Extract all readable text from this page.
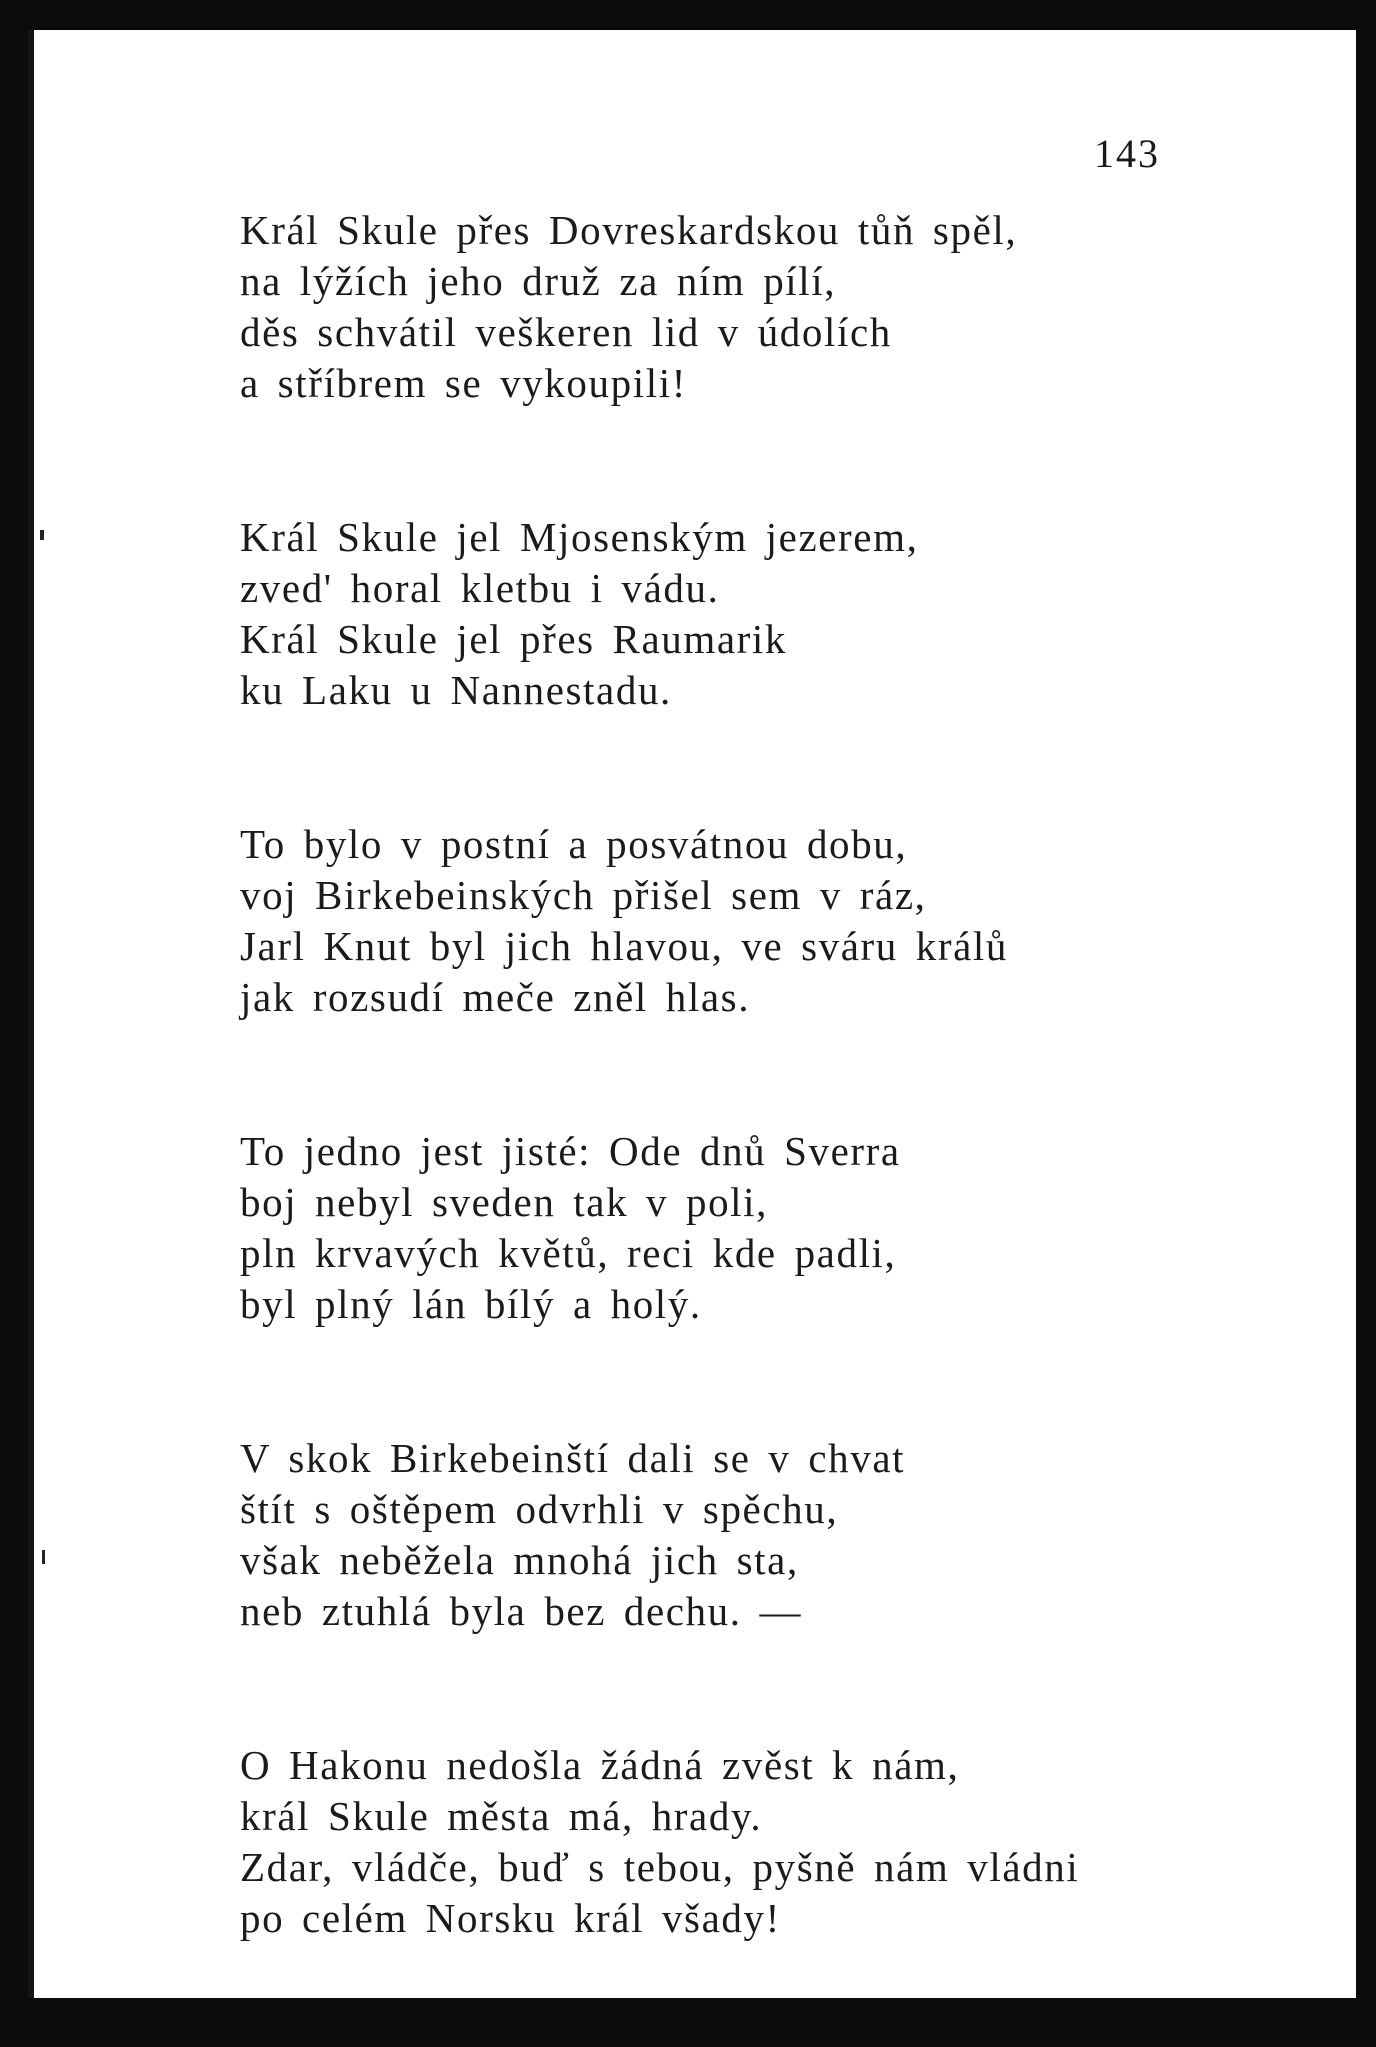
143
Král Skule přes Dovreskardskou tůň spěl,
na lýžích jeho druž za ním pílí,
děs schvátil veškeren lid v údolích
a stříbrem se vykoupili!
Král Skule jel Mjosenským jezerem,
zved' horal kletbu i vádu.
Král Skule jel přes Raumarik
ku Laku u Nannestadu.
To bylo v postní a posvátnou dobu,
voj Birkebeinských přišel sem v ráz,
Jarl Knut byl jich hlavou, ve sváru králů
jak rozsudí meče zněl hlas.
To jedno jest jisté: Ode dnů Sverra
boj nebyl sveden tak v poli,
pln krvavých květů, reci kde padli,
byl plný lán bílý a holý.
V skok Birkebeinští dali se v chvat
štít s oštěpem odvrhli v spěchu,
však neběžela mnohá jich sta,
neb ztuhlá byla bez dechu. —
O Hakonu nedošla žádná zvěst k nám,
král Skule města má, hrady.
Zdar, vládče, buď s tebou, pyšně nám vládni
po celém Norsku král všady!
